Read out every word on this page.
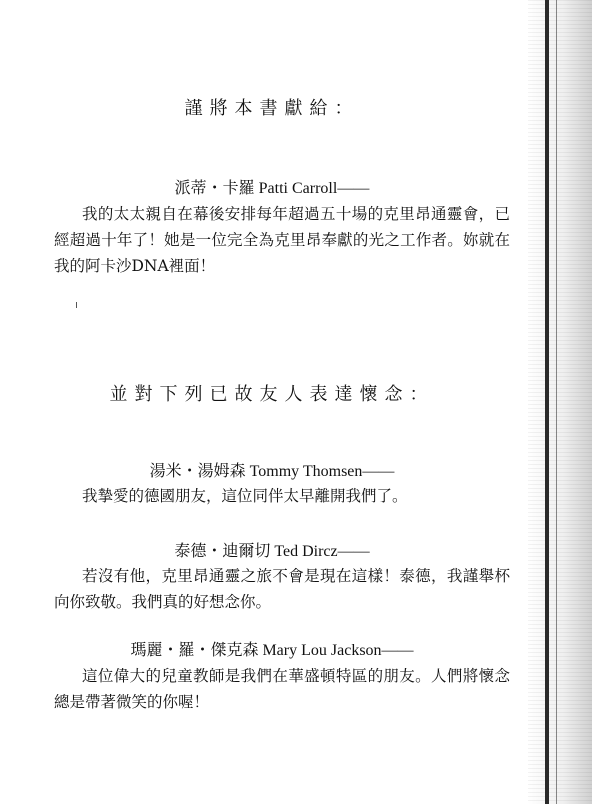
謹將本書獻給：
派蒂・卡羅 Patti Carroll——
我的太太親自在幕後安排每年超過五十場的克里昂通靈會，已經超過十年了！她是一位完全為克里昂奉獻的光之工作者。妳就在我的阿卡沙DNA裡面！
並對下列已故友人表達懷念：
湯米・湯姆森 Tommy Thomsen——
我摯愛的德國朋友，這位同伴太早離開我們了。
泰德・迪爾切 Ted Dircz——
若沒有他，克里昂通靈之旅不會是現在這樣！泰德，我謹舉杯向你致敬。我們真的好想念你。
瑪麗・羅・傑克森 Mary Lou Jackson——
這位偉大的兒童教師是我們在華盛頓特區的朋友。人們將懷念總是帶著微笑的你喔！
